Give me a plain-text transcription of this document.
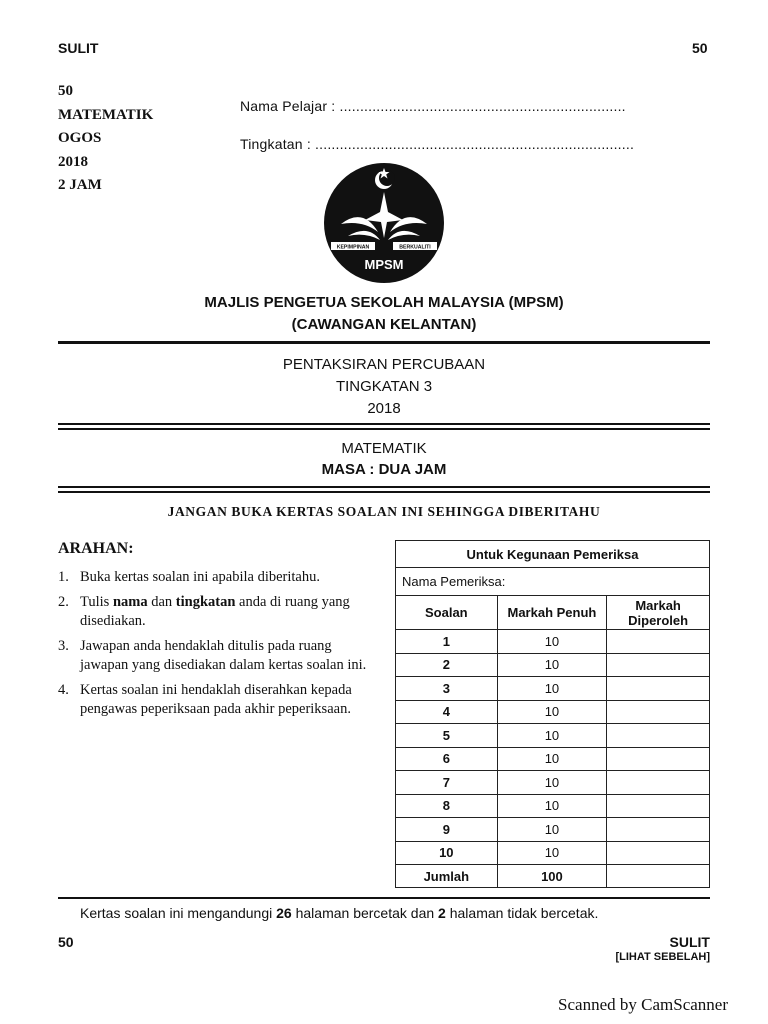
SULIT	50
50
MATEMATIK
OGOS
2018
2 JAM
Nama Pelajar : ......................................................................
Tingkatan : ..............................................................................
KEPIMPINAN	BERKUALITI
MPSM
MAJLIS PENGETUA SEKOLAH MALAYSIA (MPSM)
(CAWANGAN KELANTAN)
PENTAKSIRAN PERCUBAAN
TINGKATAN 3
2018
MATEMATIK
MASA : DUA JAM
JANGAN BUKA KERTAS SOALAN INI SEHINGGA DIBERITAHU
ARAHAN:
1. Buka kertas soalan ini apabila diberitahu.
2. Tulis nama dan tingkatan anda di ruang yang disediakan.
3. Jawapan anda hendaklah ditulis pada ruang jawapan yang disediakan dalam kertas soalan ini.
4. Kertas soalan ini hendaklah diserahkan kepada pengawas peperiksaan pada akhir peperiksaan.
Untuk Kegunaan Pemeriksa		
Nama Pemeriksa:		
Soalan	Markah Penuh	Markah Diperoleh
1	10	
2	10	
3	10	
4	10	
5	10	
6	10	
7	10	
8	10	
9	10	
10	10	
Jumlah	100	
Kertas soalan ini mengandungi 26 halaman bercetak dan 2 halaman tidak bercetak.
50	SULIT
[LIHAT SEBELAH]
Scanned by CamScanner
